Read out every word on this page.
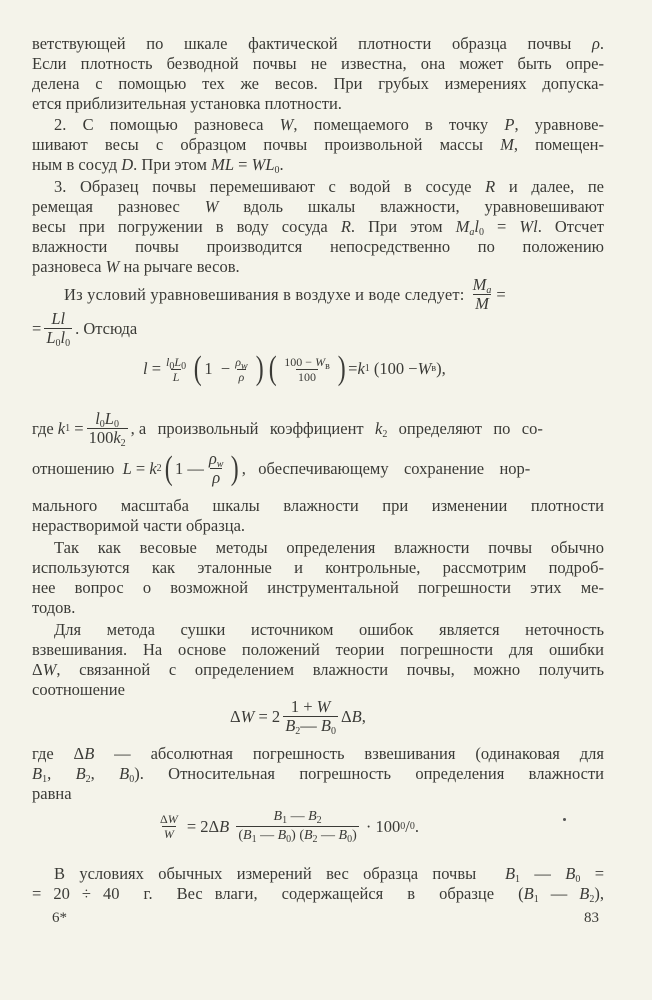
ветствующей по шкале фактической плотности образца почвы ρ.
Если плотность безводной почвы не известна, она может быть опре-
делена с помощью тех же весов. При грубых измерениях допуска-
ется приблизительная установка плотности.
2. С помощью разновеса W, помещаемого в точку P, уравнове-
шивают весы с образцом почвы произвольной массы M, помещен-
ным в сосуд D. При этом ML = $WL_0$.
3. Образец почвы перемешивают с водой в сосуде R и далее, пе
ремещая разновес W вдоль шкалы влажности, уравновешивают
весы при погружении в воду сосуда R. При этом $M_al_0 = Wl$. Отсчет
влажности почвы производится непосредственно по положению
разновеса W на рычаге весов.
Из условий уравновешивания в воздухе и воде следует: $\frac{M_a}{M}$ =
= $\frac{Ll}{L_0l_0}$ . Отсюда
$l = \frac{l_0L_0}{L}$ ( $1 - \frac{\rho_w}{\rho}$ ) ( $\frac{100 - W_в}{100}$ ) = k 1 (100 − W в ),
где
k $1 = \frac{l_0L_0}{100k_2}$ , а произвольный коэффициент $k_2$ определяют по со-
отношению
L = k 2 ( 1 — $\frac{\rho_w}{\rho}$ ) , обеспечивающему сохранение нор-
мального масштаба шкалы влажности при изменении плотности
нерастворимой части образца.
Так как весовые методы определения влажности почвы обычно
используются как эталонные и контрольные, рассмотрим подроб-
нее вопрос о возможной инструментальной погрешности этих ме-
тодов.
Для метода сушки источником ошибок является неточность
взвешивания. На основе положений теории погрешности для ошибки
ΔW, связанной с определением влажности почвы, можно получить
соотношение
Δ $W = 2 \frac{1 + W}{B_2— B_0}$ Δ B ,
где ΔB — абсолютная погрешность взвешивания (одинаковая для
$B_1$, $B_2$, $B_0$). Относительная погрешность определения влажности
равна
$\frac{\Delta W}{W} = 2\Delta$ B
$\frac{B_1 — B_2}{(B_1 — B_0) (B_2 — B_0)} \cdot 100$ 0 / 0 .
В условиях обычных измерений вес образца почвы  $B_1$ — $B_0$ =
= 20 ÷ 40  г.  Вес влаги,  содержащейся  в  образце  ($B_1$ — $B_2$),
6*	83
